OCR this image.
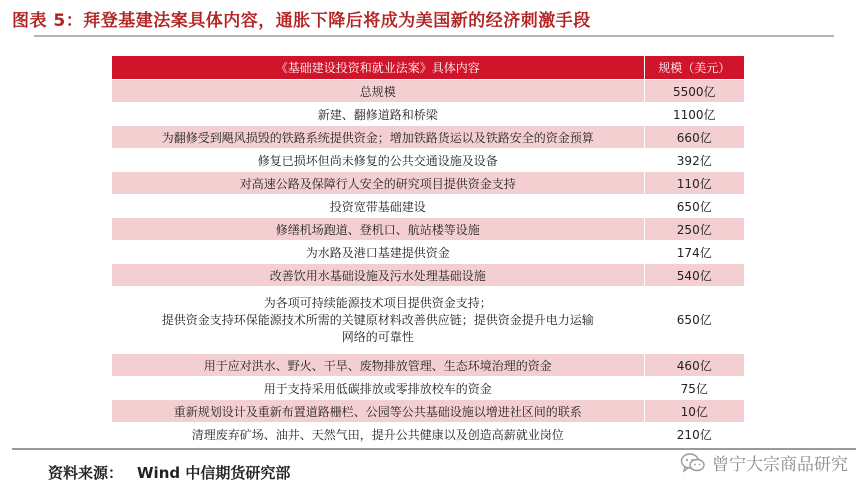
图表 5：拜登基建法案具体内容，通胀下降后将成为美国新的经济刺激手段
《基础建设投资和就业法案》具体内容	规模（美元）
总规模	5500亿
新建、翻修道路和桥梁	1100亿
为翻修受到飓风损毁的铁路系统提供资金；增加铁路货运以及铁路安全的资金预算	660亿
修复已损坏但尚未修复的公共交通设施及设备	392亿
对高速公路及保障行人安全的研究项目提供资金支持	110亿
投资宽带基础建设	650亿
修缮机场跑道、登机口、航站楼等设施	250亿
为水路及港口基建提供资金	174亿
改善饮用水基础设施及污水处理基础设施	540亿

为各项可持续能源技术项目提供资金支持；
提供资金支持环保能源技术所需的关键原材料改善供应链；提供资金提升电力运输
网络的可靠性	650亿
用于应对洪水、野火、干旱、废物排放管理、生态环境治理的资金	460亿
用于支持采用低碳排放或零排放校车的资金	75亿
重新规划设计及重新布置道路栅栏、公园等公共基础设施以增进社区间的联系	10亿
清理废弃矿场、油井、天然气田，提升公共健康以及创造高薪就业岗位	210亿
资料来源： Wind 中信期货研究部	曾宁大宗商品研究
